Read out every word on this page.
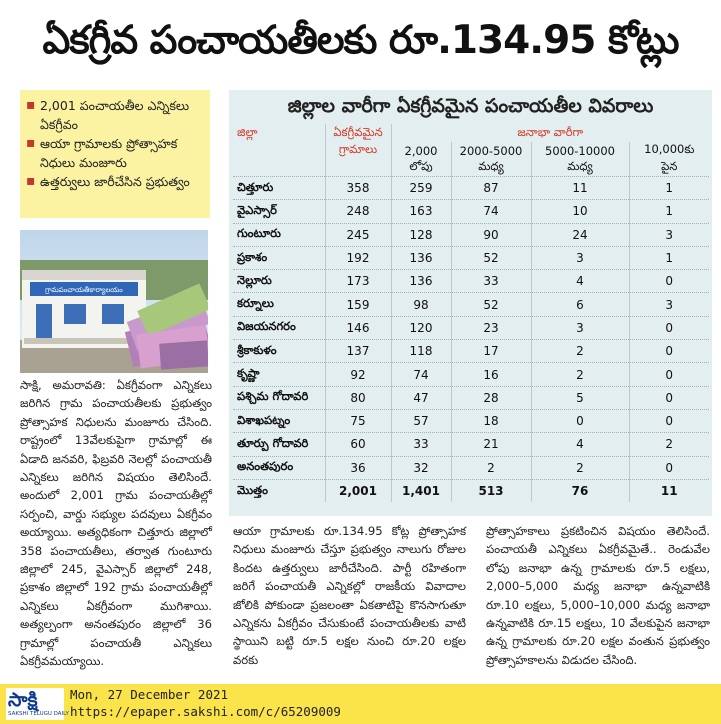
ఏకగ్రీవ పంచాయతీలకు రూ.134.95 కోట్లు
▪ 2,001 పంచాయతీల ఎన్నికలు ఏకగ్రీవం
▪ ఆయా గ్రామాలకు ప్రోత్సాహక నిధులు మంజూరు
▪ ఉత్తర్వులు జారీచేసిన ప్రభుత్వం
గ్రామపంచాయతీకార్యాలయం
జిల్లాల వారీగా ఏకగ్రీవమైన పంచాయతీల వివరాలు
జిల్లా	ఏకగ్రీవమైన	జనాభా వారీగా			
	గ్రామాలు	2,000	2000-5000	5000-10000	10,000కు
		లోపు	మధ్య	మధ్య	పైన
చిత్తూరు	358	259	87	11	1
వైఎస్సార్	248	163	74	10	1
గుంటూరు	245	128	90	24	3
ప్రకాశం	192	136	52	3	1
నెల్లూరు	173	136	33	4	0
కర్నూలు	159	98	52	6	3
విజయనగరం	146	120	23	3	0
శ్రీకాకుళం	137	118	17	2	0
కృష్ణా	92	74	16	2	0
పశ్చిమ గోదావరి	80	47	28	5	0
విశాఖపట్నం	75	57	18	0	0
తూర్పు గోదావరి	60	33	21	4	2
అనంతపురం	36	32	2	2	0
మొత్తం	2,001	1,401	513	76	11
సాక్షి, అమరావతి: ఏకగ్రీవంగా ఎన్నికలు జరిగిన గ్రామ పంచాయతీలకు ప్రభుత్వం ప్రోత్సాహక నిధులను మంజూరు చేసింది. రాష్ట్రంలో 13వేలకుపైగా గ్రామాల్లో ఈ ఏడాది జనవరి, ఫిబ్రవరి నెలల్లో పంచాయతీ ఎన్నికలు జరిగిన విషయం తెలిసిందే. అందులో 2,001 గ్రామ పంచాయతీల్లో సర్పంచి, వార్డు సభ్యుల పదవులు ఏకగ్రీవం అయ్యాయి. అత్యధికంగా చిత్తూరు జిల్లాలో 358 పంచాయతీలు, తర్వాత గుంటూరు జిల్లాలో 245, వైఎస్సార్ జిల్లాలో 248, ప్రకాశం జిల్లాలో 192 గ్రామ పంచాయతీల్లో ఎన్నికలు ఏకగ్రీవంగా ముగిశాయి. అత్యల్పంగా అనంతపురం జిల్లాలో 36 గ్రామాల్లో పంచాయతీ ఎన్నికలు ఏకగ్రీవమయ్యాయి.
ఆయా గ్రామాలకు రూ.134.95 కోట్ల ప్రోత్సాహక నిధులు మంజూరు చేస్తూ ప్రభుత్వం నాలుగు రోజుల కిందట ఉత్తర్వులు జారీచేసింది. పార్టీ రహితంగా జరిగే పంచాయతీ ఎన్నికల్లో రాజకీయ వివాదాల జోలికి పోకుండా ప్రజలంతా ఏకతాటిపై కొనసాగుతూ ఎన్నికను ఏకగ్రీవం చేసుకుంటే పంచాయతీలకు వాటి స్థాయిని బట్టి రూ.5 లక్షల నుంచి రూ.20 లక్షల వరకు
ప్రోత్సాహకాలు ప్రకటించిన విషయం తెలిసిందే. పంచాయతీ ఎన్నికలు ఏకగ్రీవమైతే.. రెండువేల లోపు జనాభా ఉన్న గ్రామాలకు రూ.5 లక్షలు, 2,000–5,000 మధ్య జనాభా ఉన్నవాటికి రూ.10 లక్షలు, 5,000–10,000 మధ్య జనాభా ఉన్నవాటికి రూ.15 లక్షలు, 10 వేలకుపైన జనాభా ఉన్న గ్రామాలకు రూ.20 లక్షల వంతున ప్రభుత్వం ప్రోత్సాహకాలను విడుదల చేసింది.
సాక్షి
SAKSHI TELUGU DAILY
Mon, 27 December 2021
https://epaper.sakshi.com/c/65209009
